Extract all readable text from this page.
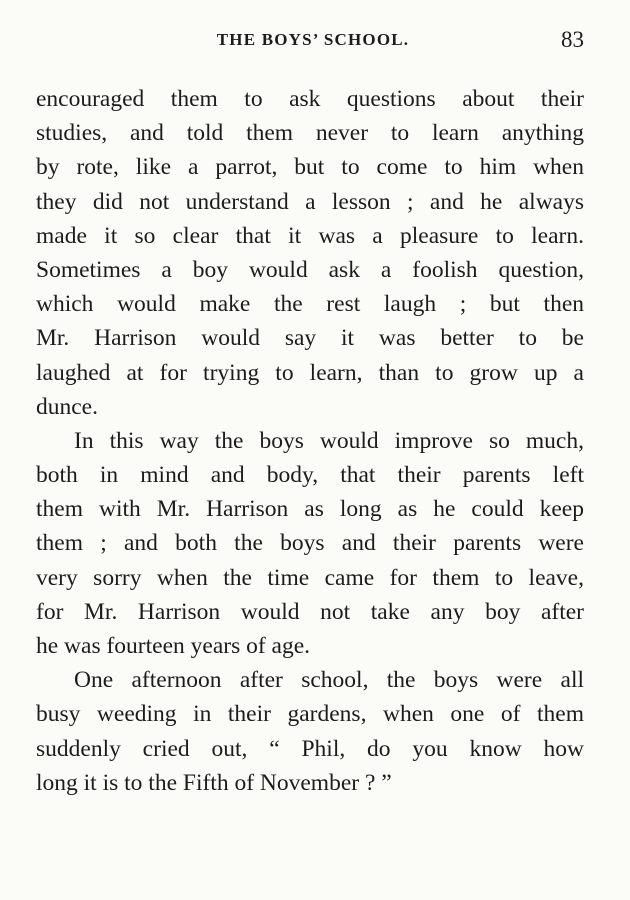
THE BOYS’ SCHOOL.	83
encouraged them to ask questions about their
studies, and told them never to learn anything
by rote, like a parrot, but to come to him when
they did not understand a lesson ; and he always
made it so clear that it was a pleasure to learn.
Sometimes a boy would ask a foolish question,
which would make the rest laugh ; but then
Mr. Harrison would say it was better to be
laughed at for trying to learn, than to grow up a
dunce.
In this way the boys would improve so much,
both in mind and body, that their parents left
them with Mr. Harrison as long as he could keep
them ; and both the boys and their parents were
very sorry when the time came for them to leave,
for Mr. Harrison would not take any boy after
he was fourteen years of age.
One afternoon after school, the boys were all
busy weeding in their gardens, when one of them
suddenly cried out, “ Phil, do you know how
long it is to the Fifth of November ? ”
